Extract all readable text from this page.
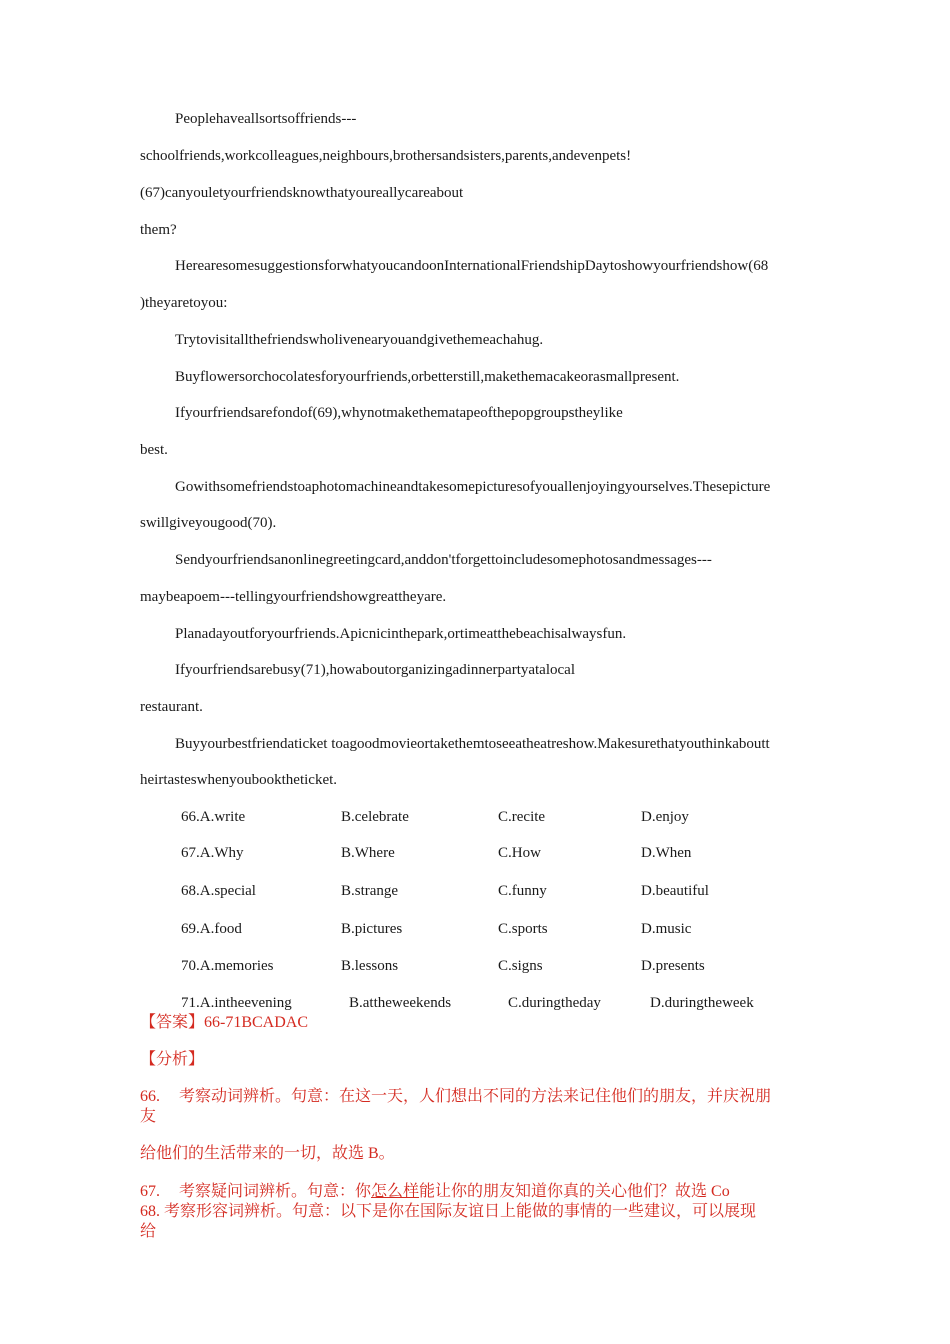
Peoplehaveallsortsoffriends---
schoolfriends,workcolleagues,neighbours,brothersandsisters,parents,andevenpets!
(67)canyouletyourfriendsknowthatyoureallycareabout
them?
HerearesomesuggestionsforwhatyoucandoonInternationalFriendshipDaytoshowyourfriendshow(68
)theyaretoyou:
Trytovisitallthefriendswholivenearyouandgivethemeachahug.
Buyflowersorchocolatesforyourfriends,orbetterstill,makethemacakeorasmallpresent.
Ifyourfriendsarefondof(69),whynotmakethematapeofthepopgroupstheylike
best.
Gowithsomefriendstoaphotomachineandtakesomepicturesofyouallenjoyingyourselves.Thesepicture
swillgiveyougood(70).
Sendyourfriendsanonlinegreetingcard,anddon'tforgettoincludesomephotosandmessages---
maybeapoem---tellingyourfriendshowgreattheyare.
Planadayoutforyourfriends.Apicnicinthepark,ortimeatthebeachisalwaysfun.
Ifyourfriendsarebusy(71),howaboutorganizingadinnerpartyatalocal
restaurant.
Buyyourbestfriendaticket toagoodmovieortakethemtoseeatheatreshow.Makesurethatyouthinkaboutt
heirtasteswhenyoubooktheticket.
66.A.write	B.celebrate	C.recite	D.enjoy
67.A.Why	B.Where	C.How	D.When
68.A.special	B.strange	C.funny	D.beautiful
69.A.food	B.pictures	C.sports	D.music
70.A.memories	B.lessons	C.signs	D.presents
71.A.intheevening	B.attheweekends	C.duringtheday	D.duringtheweek
【答案】66-71BCADAC
【分析】
66. 考察动词辨析。句意：在这一天，人们想出不同的方法来记住他们的朋友，并庆祝朋
友
给他们的生活带来的一切，故选 B。
67. 考察疑问词辨析。句意：你怎么样能让你的朋友知道你真的关心他们？故选 Co
68. 考察形容词辨析。句意：以下是你在国际友谊日上能做的事情的一些建议，可以展现
给
